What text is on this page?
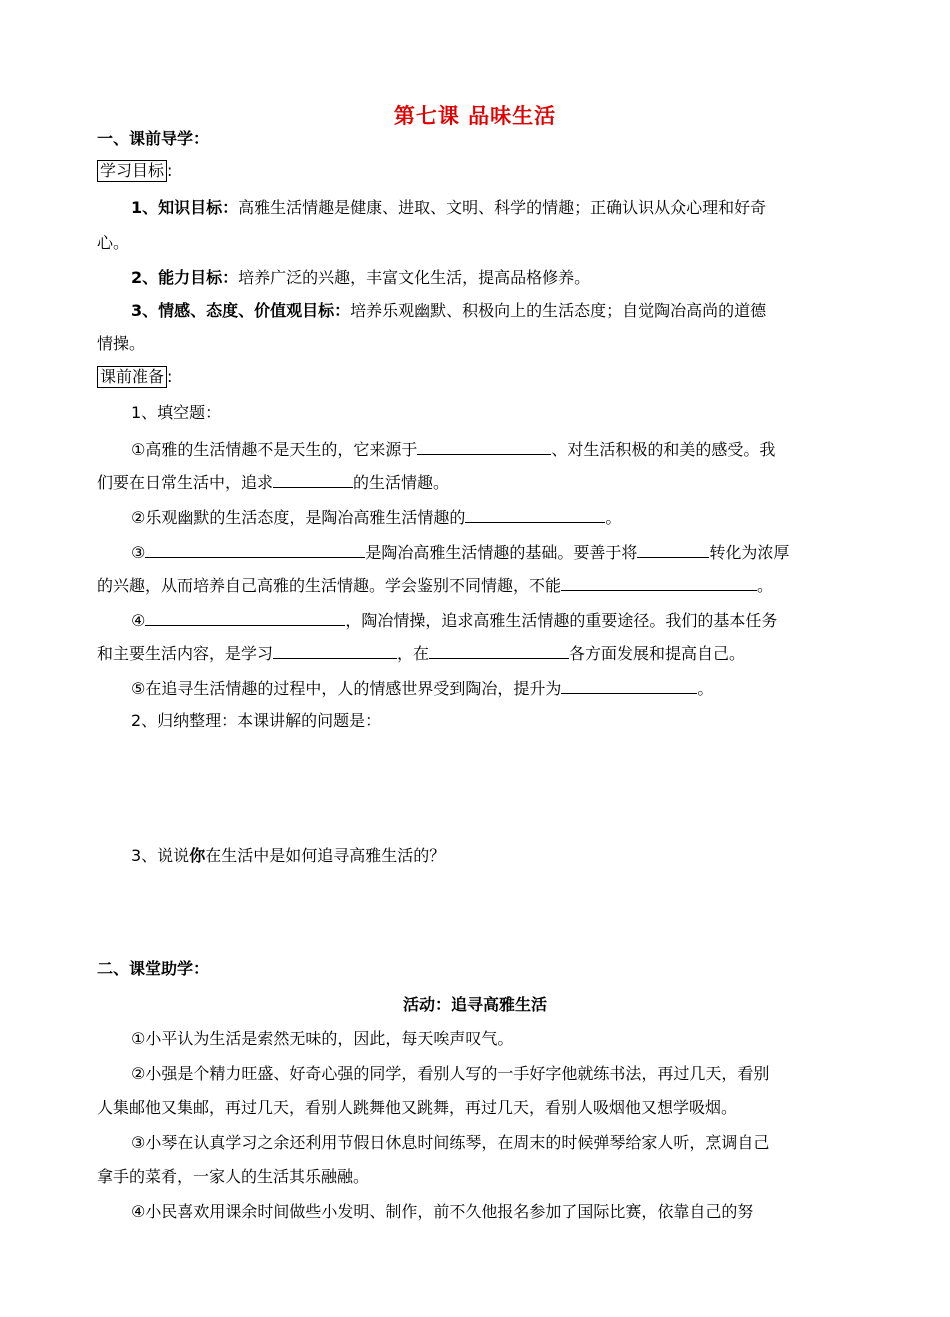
第七课 品味生活
一、课前导学：
学习目标 :
1、知识目标：高雅生活情趣是健康、进取、文明、科学的情趣；正确认识从众心理和好奇
心。
2、能力目标：培养广泛的兴趣，丰富文化生活，提高品格修养。
3、情感、态度、价值观目标：培养乐观幽默、积极向上的生活态度；自觉陶冶高尚的道德
情操。
课前准备 :
1、填空题：
①高雅的生活情趣不是天生的，它来源于	、对生活积极的和美的感受。我
们要在日常生活中，追求	的生活情趣。
②乐观幽默的生活态度，是陶冶高雅生活情趣的	。
③	是陶冶高雅生活情趣的基础。要善于将	转化为浓厚
的兴趣，从而培养自己高雅的生活情趣。学会鉴别不同情趣，不能	。
④	，陶冶情操，追求高雅生活情趣的重要途径。我们的基本任务
和主要生活内容，是学习	，在	各方面发展和提高自己。
⑤在追寻生活情趣的过程中，人的情感世界受到陶冶，提升为	。
2、归纳整理：本课讲解的问题是：
3、说说你在生活中是如何追寻高雅生活的？
二、课堂助学：
活动：追寻高雅生活
①小平认为生活是索然无味的，因此，每天唉声叹气。
②小强是个精力旺盛、好奇心强的同学，看别人写的一手好字他就练书法，再过几天，看别
人集邮他又集邮，再过几天，看别人跳舞他又跳舞，再过几天，看别人吸烟他又想学吸烟。
③小琴在认真学习之余还利用节假日休息时间练琴，在周末的时候弹琴给家人听，烹调自己
拿手的菜肴，一家人的生活其乐融融。
④小民喜欢用课余时间做些小发明、制作，前不久他报名参加了国际比赛，依靠自己的努
